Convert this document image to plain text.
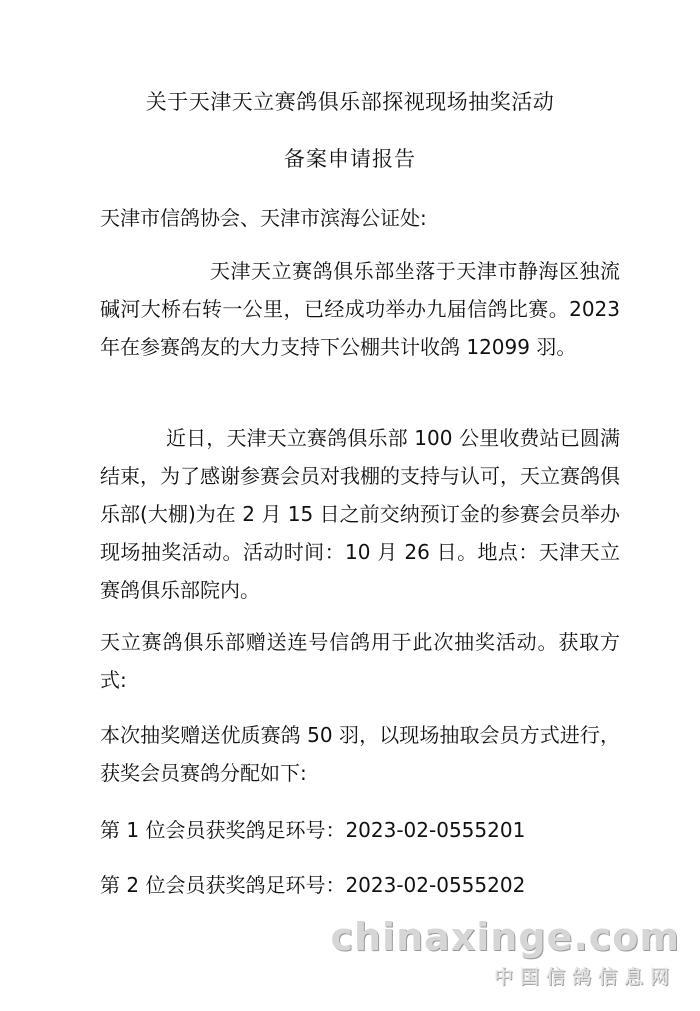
关于天津天立赛鸽俱乐部探视现场抽奖活动
备案申请报告

天津市信鸽协会、天津市滨海公证处:

天津天立赛鸽俱乐部坐落于天津市静海区独流碱河大桥右转一公里，已经成功举办九届信鸽比赛。2023 年在参赛鸽友的大力支持下公棚共计收鸽 12099 羽。

近日，天津天立赛鸽俱乐部 100 公里收费站已圆满结束，为了感谢参赛会员对我棚的支持与认可，天立赛鸽俱乐部(大棚)为在 2 月 15 日之前交纳预订金的参赛会员举办现场抽奖活动。活动时间：10 月 26 日。地点：天津天立赛鸽俱乐部院内。

天立赛鸽俱乐部赠送连号信鸽用于此次抽奖活动。获取方式:

本次抽奖赠送优质赛鸽 50 羽，以现场抽取会员方式进行，获奖会员赛鸽分配如下:

第 1 位会员获奖鸽足环号：2023-02-0555201

第 2 位会员获奖鸽足环号：2023-02-0555202

chinaxinge.com
中国信鸽信息网
